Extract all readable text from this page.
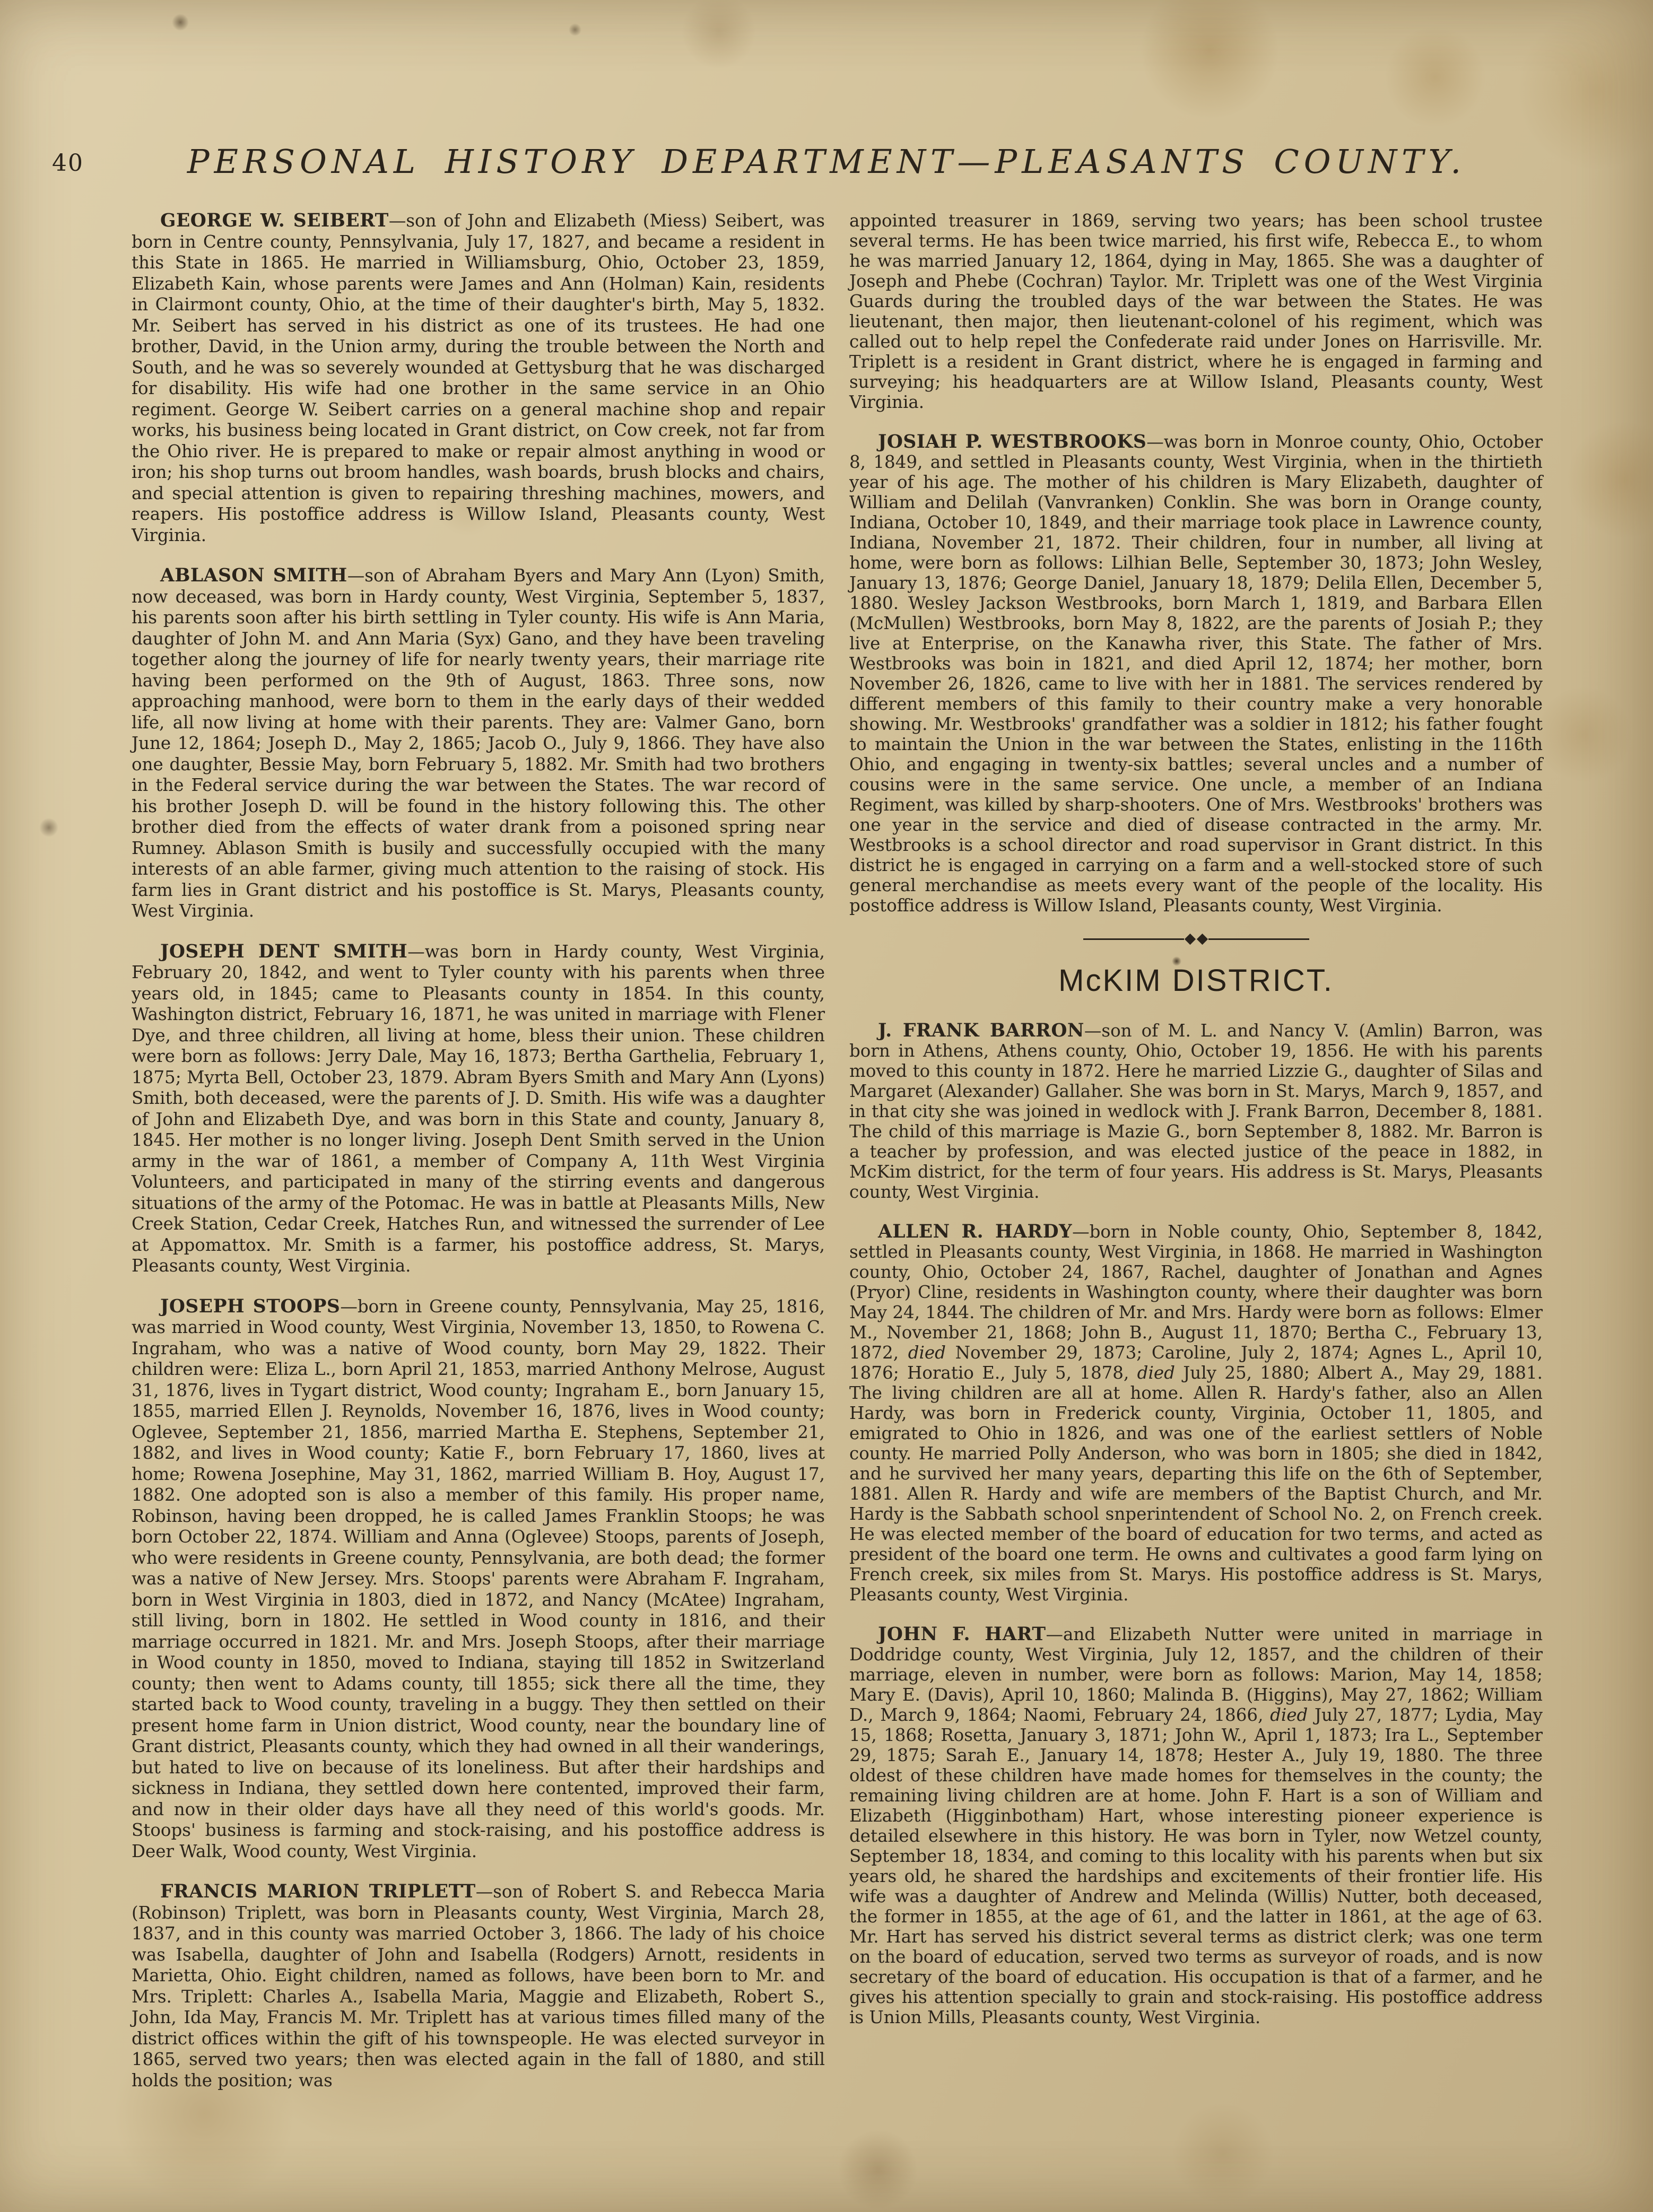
40	PERSONAL HISTORY DEPARTMENT—PLEASANTS COUNTY.

GEORGE W. SEIBERT—son of John and Elizabeth (Miess) Seibert, was born in Centre county, Pennsylvania, July 17, 1827, and became a resident in this State in 1865. He married in Williamsburg, Ohio, October 23, 1859, Elizabeth Kain, whose parents were James and Ann (Holman) Kain, residents in Clairmont county, Ohio, at the time of their daughter's birth, May 5, 1832. Mr. Seibert has served in his district as one of its trustees. He had one brother, David, in the Union army, during the trouble between the North and South, and he was so severely wounded at Gettysburg that he was discharged for disability. His wife had one brother in the same service in an Ohio regiment. George W. Seibert carries on a general machine shop and repair works, his business being located in Grant district, on Cow creek, not far from the Ohio river. He is prepared to make or repair almost anything in wood or iron; his shop turns out broom handles, wash boards, brush blocks and chairs, and special attention is given to repairing threshing machines, mowers, and reapers. His postoffice address is Willow Island, Pleasants county, West Virginia.

ABLASON SMITH—son of Abraham Byers and Mary Ann (Lyon) Smith, now deceased, was born in Hardy county, West Virginia, September 5, 1837, his parents soon after his birth settling in Tyler county. His wife is Ann Maria, daughter of John M. and Ann Maria (Syx) Gano, and they have been traveling together along the journey of life for nearly twenty years, their marriage rite having been performed on the 9th of August, 1863. Three sons, now approaching manhood, were born to them in the early days of their wedded life, all now living at home with their parents. They are: Valmer Gano, born June 12, 1864; Joseph D., May 2, 1865; Jacob O., July 9, 1866. They have also one daughter, Bessie May, born February 5, 1882. Mr. Smith had two brothers in the Federal service during the war between the States. The war record of his brother Joseph D. will be found in the history following this. The other brother died from the effects of water drank from a poisoned spring near Rumney. Ablason Smith is busily and successfully occupied with the many interests of an able farmer, giving much attention to the raising of stock. His farm lies in Grant district and his postoffice is St. Marys, Pleasants county, West Virginia.

JOSEPH DENT SMITH—was born in Hardy county, West Virginia, February 20, 1842, and went to Tyler county with his parents when three years old, in 1845; came to Pleasants county in 1854. In this county, Washington district, February 16, 1871, he was united in marriage with Flener Dye, and three children, all living at home, bless their union. These children were born as follows: Jerry Dale, May 16, 1873; Bertha Garthelia, February 1, 1875; Myrta Bell, October 23, 1879. Abram Byers Smith and Mary Ann (Lyons) Smith, both deceased, were the parents of J. D. Smith. His wife was a daughter of John and Elizabeth Dye, and was born in this State and county, January 8, 1845. Her mother is no longer living. Joseph Dent Smith served in the Union army in the war of 1861, a member of Company A, 11th West Virginia Volunteers, and participated in many of the stirring events and dangerous situations of the army of the Potomac. He was in battle at Pleasants Mills, New Creek Station, Cedar Creek, Hatches Run, and witnessed the surrender of Lee at Appomattox. Mr. Smith is a farmer, his postoffice address, St. Marys, Pleasants county, West Virginia.

JOSEPH STOOPS—born in Greene county, Pennsylvania, May 25, 1816, was married in Wood county, West Virginia, November 13, 1850, to Rowena C. Ingraham, who was a native of Wood county, born May 29, 1822. Their children were: Eliza L., born April 21, 1853, married Anthony Melrose, August 31, 1876, lives in Tygart district, Wood county; Ingraham E., born January 15, 1855, married Ellen J. Reynolds, November 16, 1876, lives in Wood county; Oglevee, September 21, 1856, married Martha E. Stephens, September 21, 1882, and lives in Wood county; Katie F., born February 17, 1860, lives at home; Rowena Josephine, May 31, 1862, married William B. Hoy, August 17, 1882. One adopted son is also a member of this family. His proper name, Robinson, having been dropped, he is called James Franklin Stoops; he was born October 22, 1874. William and Anna (Oglevee) Stoops, parents of Joseph, who were residents in Greene county, Pennsylvania, are both dead; the former was a native of New Jersey. Mrs. Stoops' parents were Abraham F. Ingraham, born in West Virginia in 1803, died in 1872, and Nancy (McAtee) Ingraham, still living, born in 1802. He settled in Wood county in 1816, and their marriage occurred in 1821. Mr. and Mrs. Joseph Stoops, after their marriage in Wood county in 1850, moved to Indiana, staying till 1852 in Switzerland county; then went to Adams county, till 1855; sick there all the time, they started back to Wood county, traveling in a buggy. They then settled on their present home farm in Union district, Wood county, near the boundary line of Grant district, Pleasants county, which they had owned in all their wanderings, but hated to live on because of its loneliness. But after their hardships and sickness in Indiana, they settled down here contented, improved their farm, and now in their older days have all they need of this world's goods. Mr. Stoops' business is farming and stock-raising, and his postoffice address is Deer Walk, Wood county, West Virginia.

FRANCIS MARION TRIPLETT—son of Robert S. and Rebecca Maria (Robinson) Triplett, was born in Pleasants county, West Virginia, March 28, 1837, and in this county was married October 3, 1866. The lady of his choice was Isabella, daughter of John and Isabella (Rodgers) Arnott, residents in Marietta, Ohio. Eight children, named as follows, have been born to Mr. and Mrs. Triplett: Charles A., Isabella Maria, Maggie and Elizabeth, Robert S., John, Ida May, Francis M. Mr. Triplett has at various times filled many of the district offices within the gift of his townspeople. He was elected surveyor in 1865, served two years; then was elected again in the fall of 1880, and still holds the position; was

appointed treasurer in 1869, serving two years; has been school trustee several terms. He has been twice married, his first wife, Rebecca E., to whom he was married January 12, 1864, dying in May, 1865. She was a daughter of Joseph and Phebe (Cochran) Taylor. Mr. Triplett was one of the West Virginia Guards during the troubled days of the war between the States. He was lieutenant, then major, then lieutenant-colonel of his regiment, which was called out to help repel the Confederate raid under Jones on Harrisville. Mr. Triplett is a resident in Grant district, where he is engaged in farming and surveying; his headquarters are at Willow Island, Pleasants county, West Virginia.

JOSIAH P. WESTBROOKS—was born in Monroe county, Ohio, October 8, 1849, and settled in Pleasants county, West Virginia, when in the thirtieth year of his age. The mother of his children is Mary Elizabeth, daughter of William and Delilah (Vanvranken) Conklin. She was born in Orange county, Indiana, October 10, 1849, and their marriage took place in Lawrence county, Indiana, November 21, 1872. Their children, four in number, all living at home, were born as follows: Lilhian Belle, September 30, 1873; John Wesley, January 13, 1876; George Daniel, January 18, 1879; Delila Ellen, December 5, 1880. Wesley Jackson Westbrooks, born March 1, 1819, and Barbara Ellen (McMullen) Westbrooks, born May 8, 1822, are the parents of Josiah P.; they live at Enterprise, on the Kanawha river, this State. The father of Mrs. Westbrooks was boin in 1821, and died April 12, 1874; her mother, born November 26, 1826, came to live with her in 1881. The services rendered by different members of this family to their country make a very honorable showing. Mr. Westbrooks' grandfather was a soldier in 1812; his father fought to maintain the Union in the war between the States, enlisting in the 116th Ohio, and engaging in twenty-six battles; several uncles and a number of cousins were in the same service. One uncle, a member of an Indiana Regiment, was killed by sharp-shooters. One of Mrs. Westbrooks' brothers was one year in the service and died of disease contracted in the army. Mr. Westbrooks is a school director and road supervisor in Grant district. In this district he is engaged in carrying on a farm and a well-stocked store of such general merchandise as meets every want of the people of the locality. His postoffice address is Willow Island, Pleasants county, West Virginia.

McKIM DISTRICT.

J. FRANK BARRON—son of M. L. and Nancy V. (Amlin) Barron, was born in Athens, Athens county, Ohio, October 19, 1856. He with his parents moved to this county in 1872. Here he married Lizzie G., daughter of Silas and Margaret (Alexander) Gallaher. She was born in St. Marys, March 9, 1857, and in that city she was joined in wedlock with J. Frank Barron, December 8, 1881. The child of this marriage is Mazie G., born September 8, 1882. Mr. Barron is a teacher by profession, and was elected justice of the peace in 1882, in McKim district, for the term of four years. His address is St. Marys, Pleasants county, West Virginia.

ALLEN R. HARDY—born in Noble county, Ohio, September 8, 1842, settled in Pleasants county, West Virginia, in 1868. He married in Washington county, Ohio, October 24, 1867, Rachel, daughter of Jonathan and Agnes (Pryor) Cline, residents in Washington county, where their daughter was born May 24, 1844. The children of Mr. and Mrs. Hardy were born as follows: Elmer M., November 21, 1868; John B., August 11, 1870; Bertha C., February 13, 1872, died November 29, 1873; Caroline, July 2, 1874; Agnes L., April 10, 1876; Horatio E., July 5, 1878, died July 25, 1880; Albert A., May 29, 1881. The living children are all at home. Allen R. Hardy's father, also an Allen Hardy, was born in Frederick county, Virginia, October 11, 1805, and emigrated to Ohio in 1826, and was one of the earliest settlers of Noble county. He married Polly Anderson, who was born in 1805; she died in 1842, and he survived her many years, departing this life on the 6th of September, 1881. Allen R. Hardy and wife are members of the Baptist Church, and Mr. Hardy is the Sabbath school snperintendent of School No. 2, on French creek. He was elected member of the board of education for two terms, and acted as president of the board one term. He owns and cultivates a good farm lying on French creek, six miles from St. Marys. His postoffice address is St. Marys, Pleasants county, West Virginia.

JOHN F. HART—and Elizabeth Nutter were united in marriage in Doddridge county, West Virginia, July 12, 1857, and the children of their marriage, eleven in number, were born as follows: Marion, May 14, 1858; Mary E. (Davis), April 10, 1860; Malinda B. (Higgins), May 27, 1862; William D., March 9, 1864; Naomi, February 24, 1866, died July 27, 1877; Lydia, May 15, 1868; Rosetta, January 3, 1871; John W., April 1, 1873; Ira L., September 29, 1875; Sarah E., January 14, 1878; Hester A., July 19, 1880. The three oldest of these children have made homes for themselves in the county; the remaining living children are at home. John F. Hart is a son of William and Elizabeth (Higginbotham) Hart, whose interesting pioneer experience is detailed elsewhere in this history. He was born in Tyler, now Wetzel county, September 18, 1834, and coming to this locality with his parents when but six years old, he shared the hardships and excitements of their frontier life. His wife was a daughter of Andrew and Melinda (Willis) Nutter, both deceased, the former in 1855, at the age of 61, and the latter in 1861, at the age of 63. Mr. Hart has served his district several terms as district clerk; was one term on the board of education, served two terms as surveyor of roads, and is now secretary of the board of education. His occupation is that of a farmer, and he gives his attention specially to grain and stock-raising. His postoffice address is Union Mills, Pleasants county, West Virginia.
